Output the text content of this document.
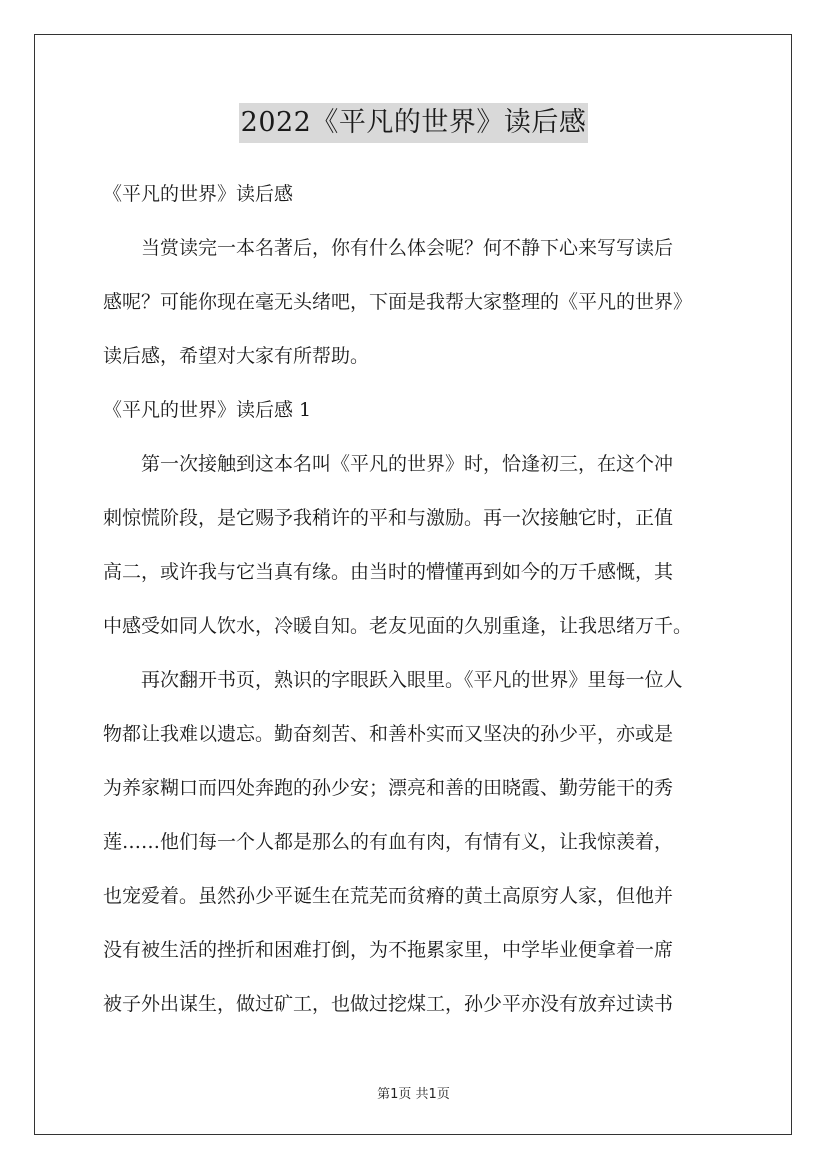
2022《平凡的世界》读后感

《平凡的世界》读后感

当赏读完一本名著后，你有什么体会呢？何不静下心来写写读后

感呢？可能你现在毫无头绪吧，下面是我帮大家整理的《平凡的世界》

读后感，希望对大家有所帮助。

《平凡的世界》读后感 1

第一次接触到这本名叫《平凡的世界》时，恰逢初三，在这个冲

刺惊慌阶段，是它赐予我稍许的平和与激励。再一次接触它时，正值

高二，或许我与它当真有缘。由当时的懵懂再到如今的万千感慨，其

中感受如同人饮水，冷暖自知。老友见面的久别重逢，让我思绪万千。

再次翻开书页，熟识的字眼跃入眼里。《平凡的世界》里每一位人

物都让我难以遗忘。勤奋刻苦、和善朴实而又坚决的孙少平，亦或是

为养家糊口而四处奔跑的孙少安；漂亮和善的田晓霞、勤劳能干的秀

莲……他们每一个人都是那么的有血有肉，有情有义，让我惊羡着，

也宠爱着。虽然孙少平诞生在荒芜而贫瘠的黄土高原穷人家，但他并

没有被生活的挫折和困难打倒，为不拖累家里，中学毕业便拿着一席

被子外出谋生，做过矿工，也做过挖煤工，孙少平亦没有放弃过读书

第1页 共1页
